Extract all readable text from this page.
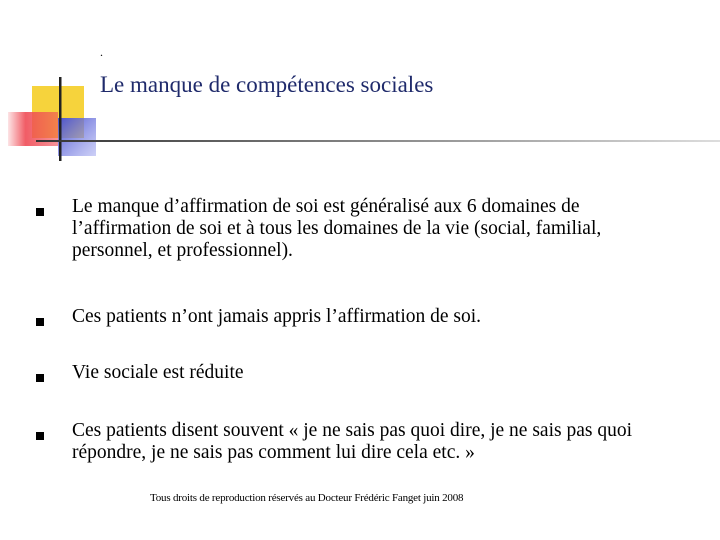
.
Le manque de compétences sociales
Le manque d’affirmation de soi est généralisé aux 6 domaines de l’affirmation de soi et à tous les domaines de la vie (social, familial, personnel, et professionnel).
Ces patients n’ont jamais appris l’affirmation de soi.
Vie sociale est réduite
Ces patients disent souvent « je ne sais pas quoi dire, je ne sais pas quoi répondre, je ne sais pas comment lui dire cela etc. »
Tous droits de reproduction réservés au Docteur Frédéric Fanget juin 2008
